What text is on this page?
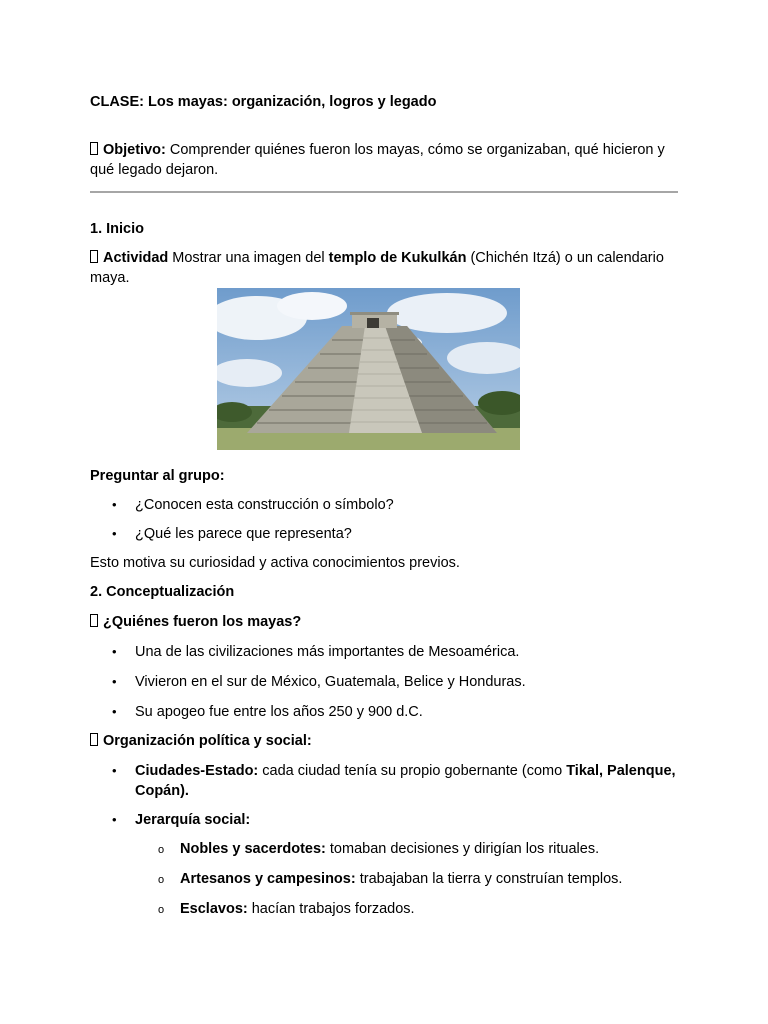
CLASE: Los mayas: organización, logros y legado

Objetivo: Comprender quiénes fueron los mayas, cómo se organizaban, qué hicieron y qué legado dejaron.

1. Inicio

Actividad Mostrar una imagen del templo de Kukulkán (Chichén Itzá) o un calendario maya.

Preguntar al grupo:

• ¿Conocen esta construcción o símbolo?
• ¿Qué les parece que representa?

Esto motiva su curiosidad y activa conocimientos previos.

2. Conceptualización

¿Quiénes fueron los mayas?

• Una de las civilizaciones más importantes de Mesoamérica.
• Vivieron en el sur de México, Guatemala, Belice y Honduras.
• Su apogeo fue entre los años 250 y 900 d.C.

Organización política y social:

• Ciudades-Estado: cada ciudad tenía su propio gobernante (como Tikal, Palenque, Copán).
• Jerarquía social:
o Nobles y sacerdotes: tomaban decisiones y dirigían los rituales.
o Artesanos y campesinos: trabajaban la tierra y construían templos.
o Esclavos: hacían trabajos forzados.
